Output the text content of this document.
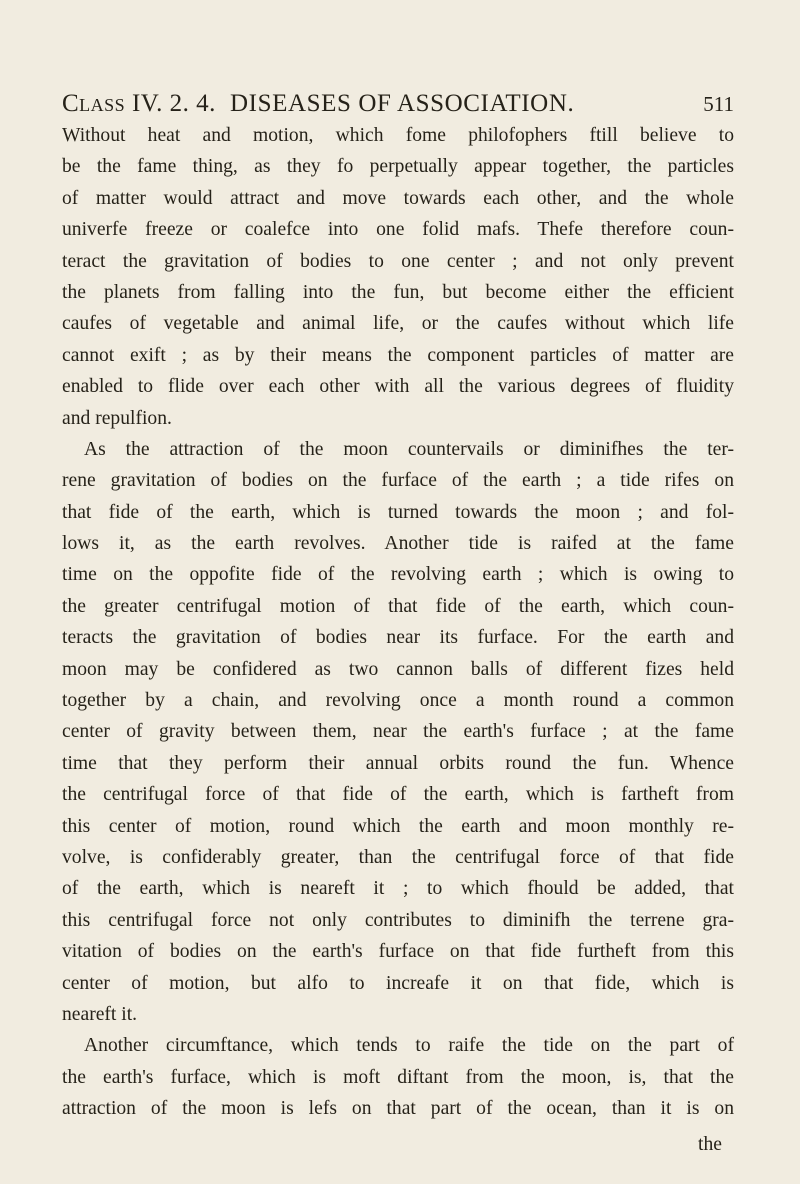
Class IV. 2. 4. DISEASES OF ASSOCIATION.	511
Without heat and motion, which fome philofophers ftill believe to
be the fame thing, as they fo perpetually appear together, the particles
of matter would attract and move towards each other, and the whole
univerfe freeze or coalefce into one folid mafs. Thefe therefore coun-
teract the gravitation of bodies to one center ; and not only prevent
the planets from falling into the fun, but become either the efficient
caufes of vegetable and animal life, or the caufes without which life
cannot exift ; as by their means the component particles of matter are
enabled to flide over each other with all the various degrees of fluidity
and repulfion.
As the attraction of the moon countervails or diminifhes the ter-
rene gravitation of bodies on the furface of the earth ; a tide rifes on
that fide of the earth, which is turned towards the moon ; and fol-
lows it, as the earth revolves. Another tide is raifed at the fame
time on the oppofite fide of the revolving earth ; which is owing to
the greater centrifugal motion of that fide of the earth, which coun-
teracts the gravitation of bodies near its furface. For the earth and
moon may be confidered as two cannon balls of different fizes held
together by a chain, and revolving once a month round a common
center of gravity between them, near the earth's furface ; at the fame
time that they perform their annual orbits round the fun. Whence
the centrifugal force of that fide of the earth, which is fartheft from
this center of motion, round which the earth and moon monthly re-
volve, is confiderably greater, than the centrifugal force of that fide
of the earth, which is neareft it ; to which fhould be added, that
this centrifugal force not only contributes to diminifh the terrene gra-
vitation of bodies on the earth's furface on that fide furtheft from this
center of motion, but alfo to increafe it on that fide, which is
neareft it.
Another circumftance, which tends to raife the tide on the part of
the earth's furface, which is moft diftant from the moon, is, that the
attraction of the moon is lefs on that part of the ocean, than it is on
the
